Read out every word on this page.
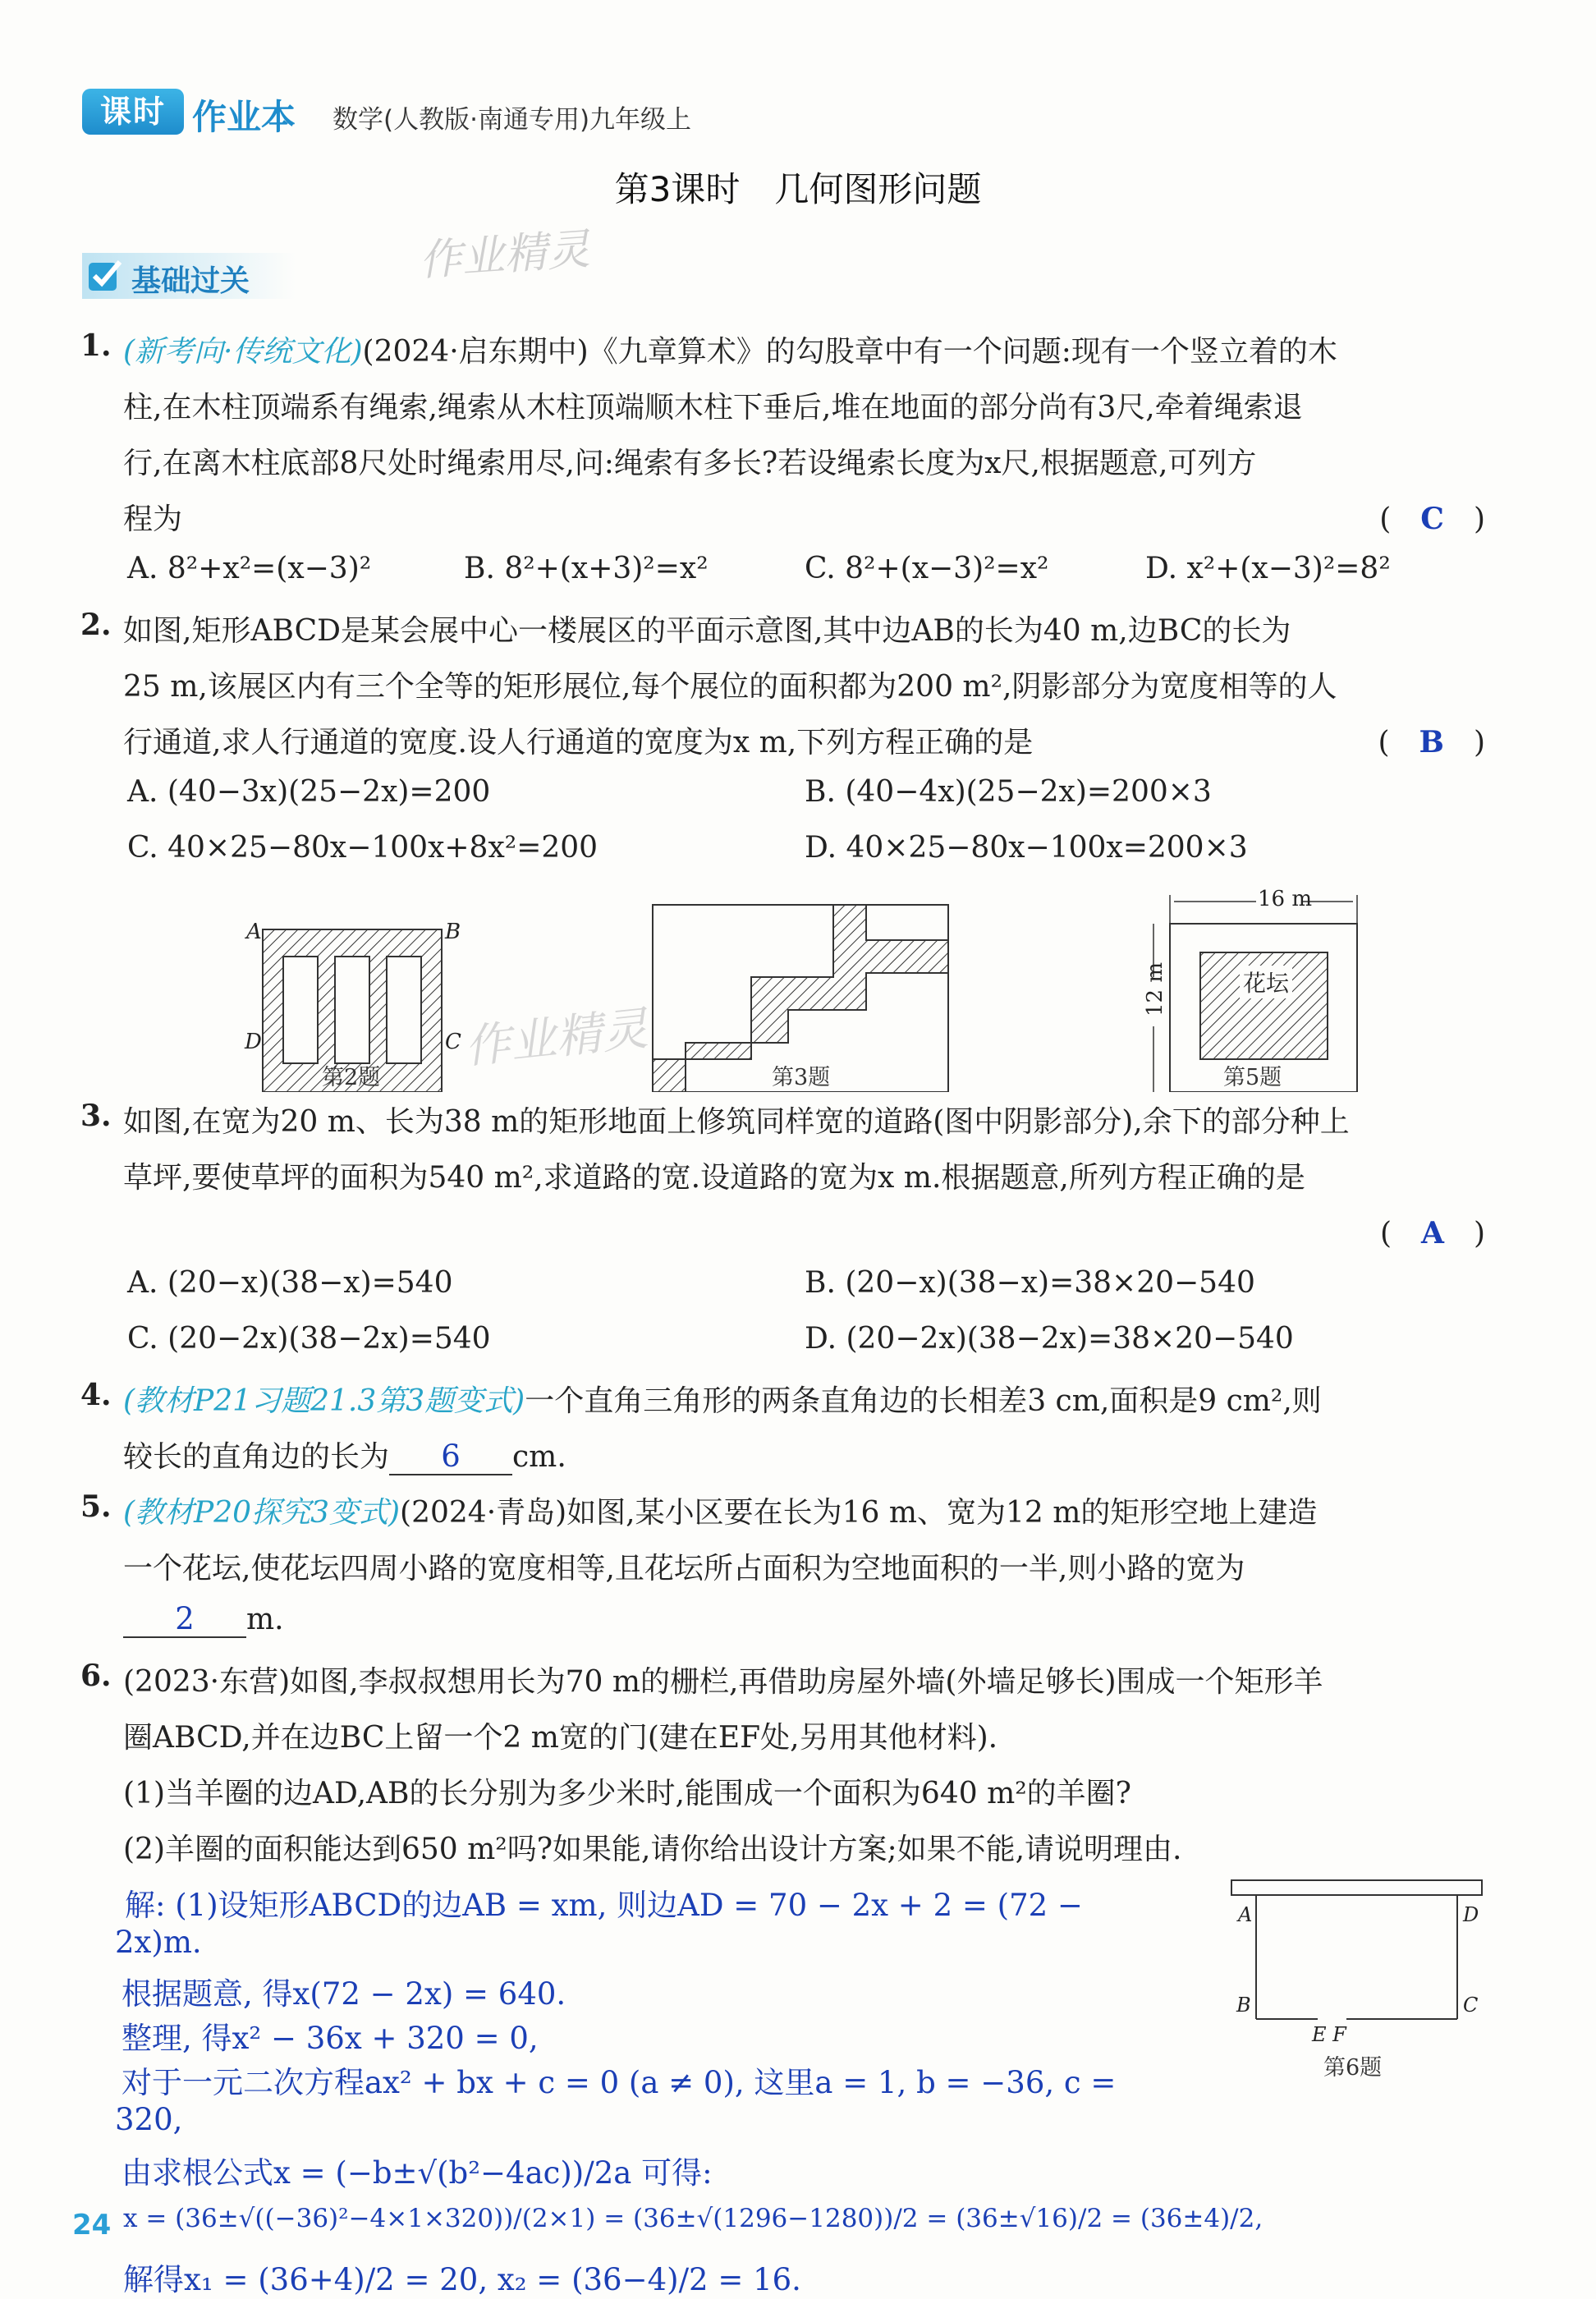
课时 作业本 数学(人教版·南通专用)九年级上
第3课时　几何图形问题
作业精灵
作业精灵
基础过关
1. (新考向·传统文化)(2024·启东期中)《九章算术》的勾股章中有一个问题:现有一个竖立着的木
柱,在木柱顶端系有绳索,绳索从木柱顶端顺木柱下垂后,堆在地面的部分尚有3尺,牵着绳索退
行,在离木柱底部8尺处时绳索用尽,问:绳索有多长?若设绳索长度为x尺,根据题意,可列方
程为	(　C　)
A. 8²+x²=(x−3)²	B. 8²+(x+3)²=x²	C. 8²+(x−3)²=x²	D. x²+(x−3)²=8²
2. 如图,矩形ABCD是某会展中心一楼展区的平面示意图,其中边AB的长为40 m,边BC的长为
25 m,该展区内有三个全等的矩形展位,每个展位的面积都为200 m²,阴影部分为宽度相等的人
行通道,求人行通道的宽度.设人行通道的宽度为x m,下列方程正确的是	(　B　)
A. (40−3x)(25−2x)=200	B. (40−4x)(25−2x)=200×3
C. 40×25−80x−100x+8x²=200	D. 40×25−80x−100x=200×3
A	B
C
D
第2题	第3题
16 m
12 m	花坛
第5题
3. 如图,在宽为20 m、长为38 m的矩形地面上修筑同样宽的道路(图中阴影部分),余下的部分种上
草坪,要使草坪的面积为540 m²,求道路的宽.设道路的宽为x m.根据题意,所列方程正确的是
(　A　)
A. (20−x)(38−x)=540	B. (20−x)(38−x)=38×20−540
C. (20−2x)(38−2x)=540	D. (20−2x)(38−2x)=38×20−540
4. (教材P21习题21.3第3题变式)一个直角三角形的两条直角边的长相差3 cm,面积是9 cm²,则
较长的直角边的长为 6 cm.
5. (教材P20探究3变式)(2024·青岛)如图,某小区要在长为16 m、宽为12 m的矩形空地上建造
一个花坛,使花坛四周小路的宽度相等,且花坛所占面积为空地面积的一半,则小路的宽为
2 m.
6. (2023·东营)如图,李叔叔想用长为70 m的栅栏,再借助房屋外墙(外墙足够长)围成一个矩形羊
圈ABCD,并在边BC上留一个2 m宽的门(建在EF处,另用其他材料).
(1)当羊圈的边AD,AB的长分别为多少米时,能围成一个面积为640 m²的羊圈?
(2)羊圈的面积能达到650 m²吗?如果能,请你给出设计方案;如果不能,请说明理由.
A	D
B	C
E F
第6题
解: (1)设矩形ABCD的边AB = xm, 则边AD = 70 − 2x + 2 = (72 −
2x)m.
根据题意, 得x(72 − 2x) = 640.
整理, 得x² − 36x + 320 = 0,
对于一元二次方程ax² + bx + c = 0 (a ≠ 0), 这里a = 1, b = −36, c =
320,
由求根公式x = (−b±√(b²−4ac))/2a 可得:
x = (36±√((−36)²−4×1×320))/(2×1) = (36±√(1296−1280))/2 = (36±√16)/2 = (36±4)/2,
解得x₁ = (36+4)/2 = 20, x₂ = (36−4)/2 = 16.
24
